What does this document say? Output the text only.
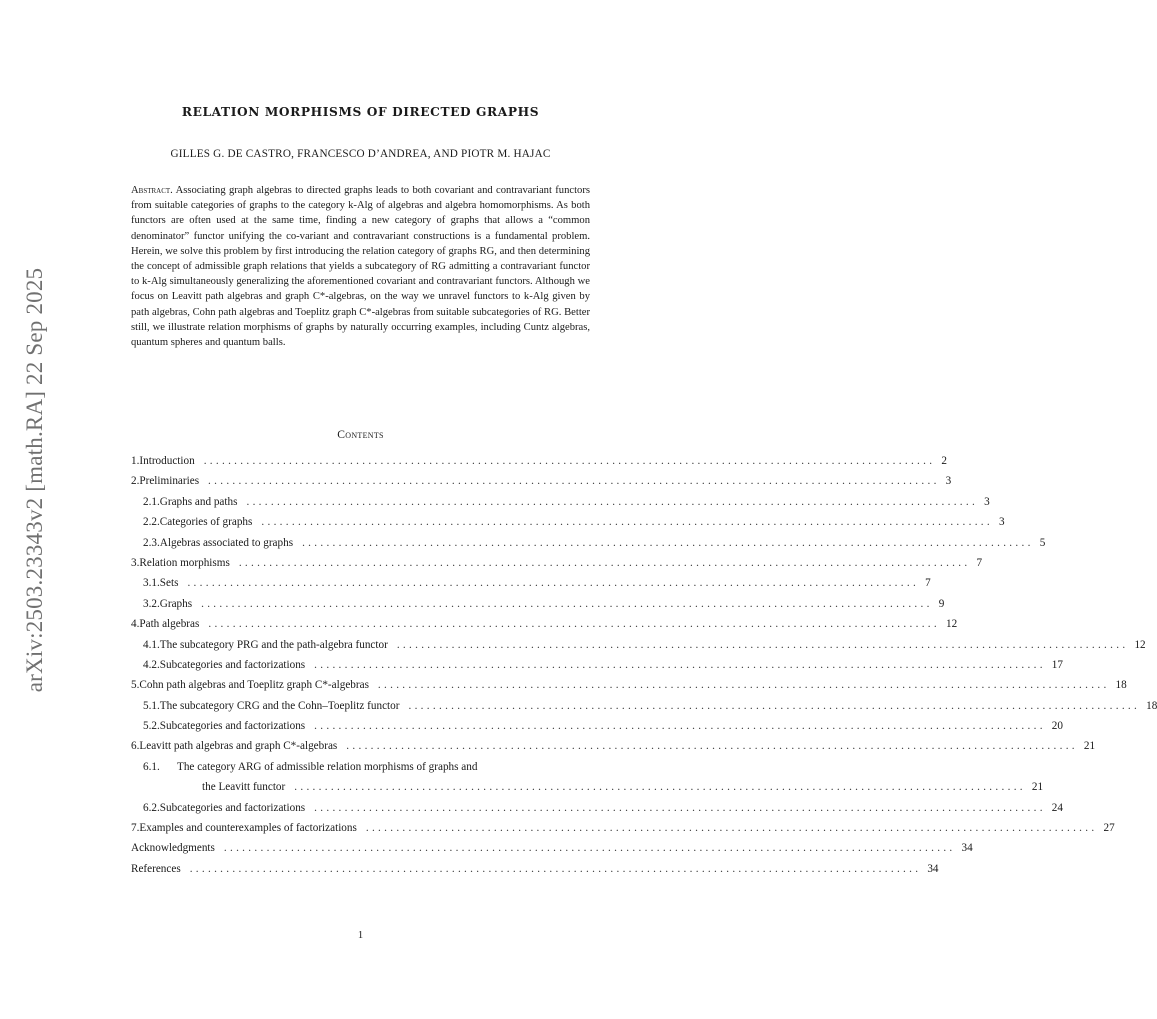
arXiv:2503.23343v2 [math.RA] 22 Sep 2025
RELATION MORPHISMS OF DIRECTED GRAPHS
GILLES G. DE CASTRO, FRANCESCO D’ANDREA, AND PIOTR M. HAJAC
Abstract. Associating graph algebras to directed graphs leads to both covariant and contravariant functors from suitable categories of graphs to the category k-Alg of algebras and algebra homomorphisms. As both functors are often used at the same time, finding a new category of graphs that allows a “common denominator” functor unifying the co-variant and contravariant constructions is a fundamental problem. Herein, we solve this problem by first introducing the relation category of graphs RG, and then determining the concept of admissible graph relations that yields a subcategory of RG admitting a contravariant functor to k-Alg simultaneously generalizing the aforementioned covariant and contravariant functors. Although we focus on Leavitt path algebras and graph C*-algebras, on the way we unravel functors to k-Alg given by path algebras, Cohn path algebras and Toeplitz graph C*-algebras from suitable subcategories of RG. Better still, we illustrate relation morphisms of graphs by naturally occurring examples, including Cuntz algebras, quantum spheres and quantum balls.
Contents
1. Introduction ........................................................................................................................ 2
2. Preliminaries ........................................................................................................................ 3
2.1. Graphs and paths ........................................................................................................................ 3
2.2. Categories of graphs ........................................................................................................................ 3
2.3. Algebras associated to graphs ........................................................................................................................ 5
3. Relation morphisms ........................................................................................................................ 7
3.1. Sets ........................................................................................................................ 7
3.2. Graphs ........................................................................................................................ 9
4. Path algebras ........................................................................................................................ 12
4.1. The subcategory PRG and the path-algebra functor ........................................................................................................................ 12
4.2. Subcategories and factorizations ........................................................................................................................ 17
5. Cohn path algebras and Toeplitz graph C*-algebras ........................................................................................................................ 18
5.1. The subcategory CRG and the Cohn–Toeplitz functor ........................................................................................................................ 18
5.2. Subcategories and factorizations ........................................................................................................................ 20
6. Leavitt path algebras and graph C*-algebras ........................................................................................................................ 21
6.1.	The category ARG of admissible relation morphisms of graphs and
the Leavitt functor ........................................................................................................................ 21
6.2. Subcategories and factorizations ........................................................................................................................ 24
7. Examples and counterexamples of factorizations ........................................................................................................................ 27
Acknowledgments ........................................................................................................................ 34
References ........................................................................................................................ 34
1
